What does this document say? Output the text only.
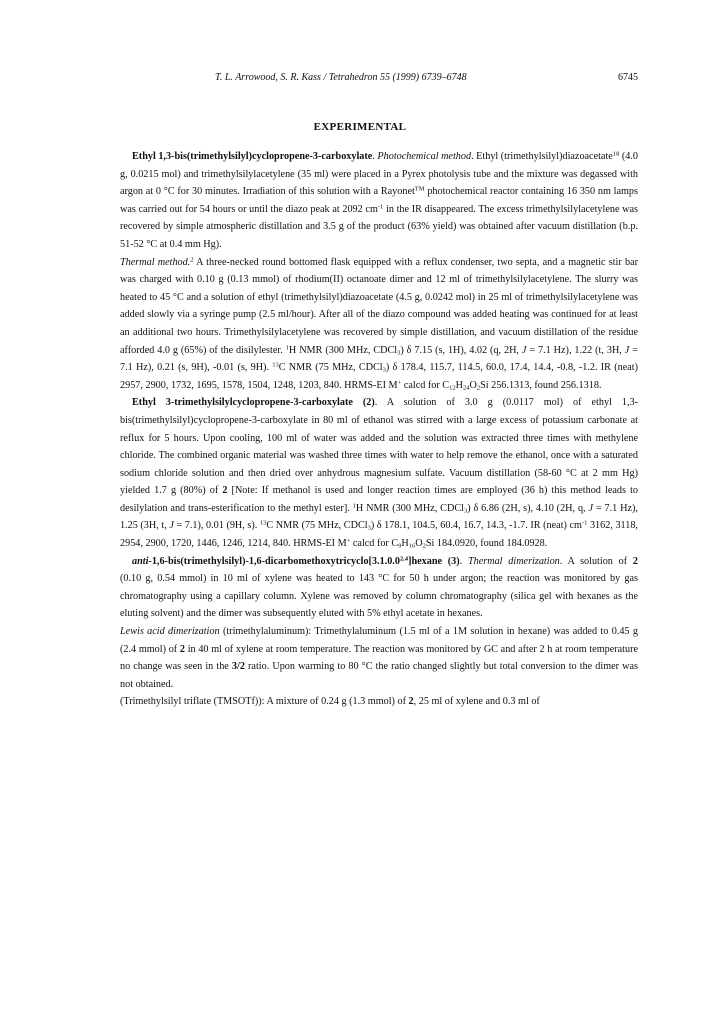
T. L. Arrowood, S. R. Kass / Tetrahedron 55 (1999) 6739–6748	6745
EXPERIMENTAL

Ethyl 1,3-bis(trimethylsilyl)cyclopropene-3-carboxylate. Photochemical method. Ethyl (trimethylsilyl)diazoacetate$^{18}$ (4.0 g, 0.0215 mol) and trimethylsilylacetylene (35 ml) were placed in a Pyrex photolysis tube and the mixture was degassed with argon at 0 °C for 30 minutes. Irradiation of this solution with a Rayonet™ photochemical reactor containing 16 350 nm lamps was carried out for 54 hours or until the diazo peak at 2092 $cm^{-1}$ in the IR disappeared. The excess trimethylsilylacetylene was recovered by simple atmospheric distillation and 3.5 g of the product (63% yield) was obtained after vacuum distillation (b.p. 51-52 °C at 0.4 mm Hg).

Thermal method.$^2$ A three-necked round bottomed flask equipped with a reflux condenser, two septa, and a magnetic stir bar was charged with 0.10 g (0.13 mmol) of rhodium(II) octanoate dimer and 12 ml of trimethylsilylacetylene. The slurry was heated to 45 °C and a solution of ethyl (trimethylsilyl)diazoacetate (4.5 g, 0.0242 mol) in 25 ml of trimethylsilylacetylene was added slowly via a syringe pump (2.5 ml/hour). After all of the diazo compound was added heating was continued for at least an additional two hours. Trimethylsilylacetylene was recovered by simple distillation, and vacuum distillation of the residue afforded 4.0 g (65%) of the disilylester. $^1$H NMR (300 MHz, CDCl$_3$) δ 7.15 (s, 1H), 4.02 (q, 2H, J = 7.1 Hz), 1.22 (t, 3H, J = 7.1 Hz), 0.21 (s, 9H), -0.01 (s, 9H). $^{13}$C NMR (75 MHz, CDCl$_3$) δ 178.4, 115.7, 114.5, 60.0, 17.4, 14.4, -0.8, -1.2. IR (neat) 2957, 2900, 1732, 1695, 1578, 1504, 1248, 1203, 840. HRMS-EI M+ calcd for $C_{12}H_{24}O_2Si$ 256.1313, found 256.1318.

Ethyl 3-trimethylsilylcyclopropene-3-carboxylate (2). A solution of 3.0 g (0.0117 mol) of ethyl 1,3-bis(trimethylsilyl)cyclopropene-3-carboxylate in 80 ml of ethanol was stirred with a large excess of potassium carbonate at reflux for 5 hours. Upon cooling, 100 ml of water was added and the solution was extracted three times with methylene chloride. The combined organic material was washed three times with water to help remove the ethanol, once with a saturated sodium chloride solution and then dried over anhydrous magnesium sulfate. Vacuum distillation (58-60 °C at 2 mm Hg) yielded 1.7 g (80%) of 2 [Note: If methanol is used and longer reaction times are employed (36 h) this method leads to desilylation and trans-esterification to the methyl ester]. $^1$H NMR (300 MHz, CDCl$_3$) δ 6.86 (2H, s), 4.10 (2H, q, J = 7.1 Hz), 1.25 (3H, t, J = 7.1), 0.01 (9H, s). $^{13}$C NMR (75 MHz, CDCl$_3$) δ 178.1, 104.5, 60.4, 16.7, 14.3, -1.7. IR (neat) $cm^{-1}$ 3162, 3118, 2954, 2900, 1720, 1446, 1246, 1214, 840. HRMS-EI M+ calcd for $C_9H_{16}O_2Si$ 184.0920, found 184.0928.

anti-1,6-bis(trimethylsilyl)-1,6-dicarbomethoxytricyclo[3.1.0.0$^{2,4}$]hexane (3). Thermal dimerization. A solution of 2 (0.10 g, 0.54 mmol) in 10 ml of xylene was heated to 143 °C for 50 h under argon; the reaction was monitored by gas chromatography using a capillary column. Xylene was removed by column chromatography (silica gel with hexanes as the eluting solvent) and the dimer was subsequently eluted with 5% ethyl acetate in hexanes.

Lewis acid dimerization (trimethylaluminum): Trimethylaluminum (1.5 ml of a 1M solution in hexane) was added to 0.45 g (2.4 mmol) of 2 in 40 ml of xylene at room temperature. The reaction was monitored by GC and after 2 h at room temperature no change was seen in the 3/2 ratio. Upon warming to 80 °C the ratio changed slightly but total conversion to the dimer was not obtained.

(Trimethylsilyl triflate (TMSOTf)): A mixture of 0.24 g (1.3 mmol) of 2, 25 ml of xylene and 0.3 ml of
